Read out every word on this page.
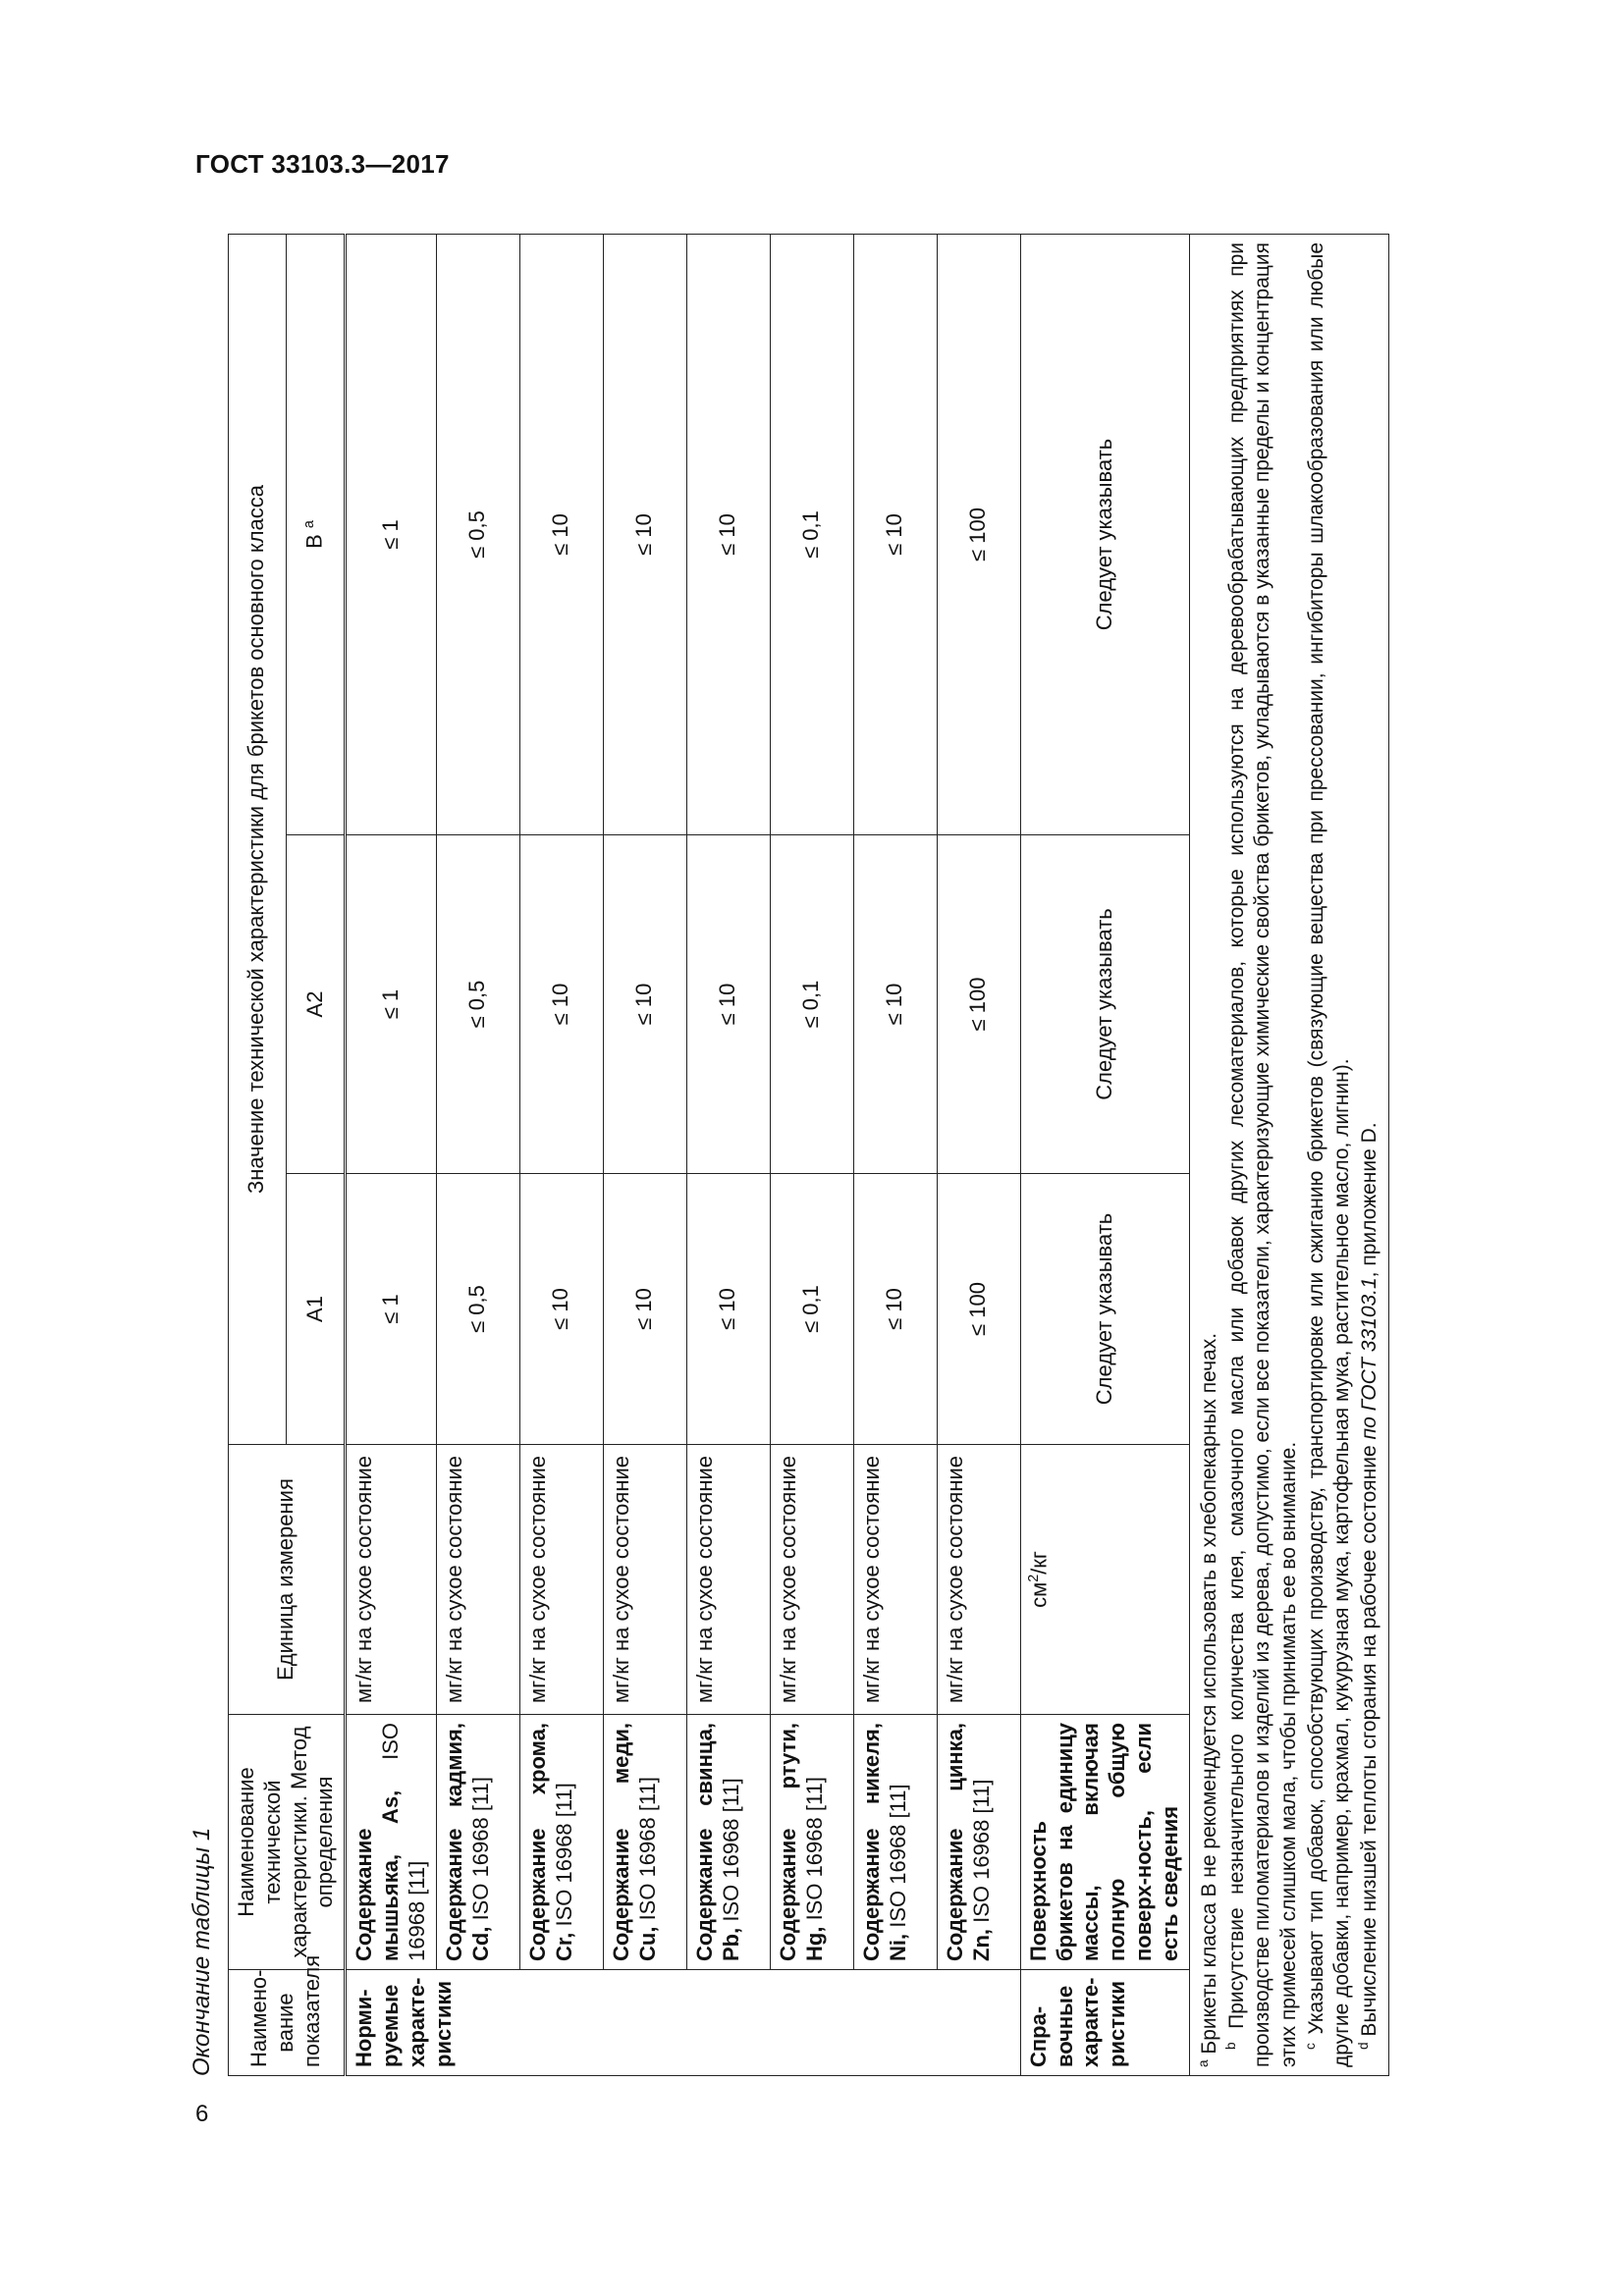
ГОСТ 33103.3—2017
6
Окончание таблицы 1 Наимено-вание показателя	Наименование технической характеристики. Метод определения	Единица измерения	Значение технической характеристики для брикетов основного класса		
			А1	А2	В $^a$
Норми-руемые характе-ристики	Содержание мышьяка, As, ISO 16968 [11]	мг/кг на сухое состояние	≤ 1	≤ 1	≤ 1
	Содержание кадмия, Cd, ISO 16968 [11]	мг/кг на сухое состояние	≤ 0,5	≤ 0,5	≤ 0,5
	Содержание хрома, Cr, ISO 16968 [11]	мг/кг на сухое состояние	≤ 10	≤ 10	≤ 10
	Содержание меди, Cu, ISO 16968 [11]	мг/кг на сухое состояние	≤ 10	≤ 10	≤ 10
	Содержание свинца, Pb, ISO 16968 [11]	мг/кг на сухое состояние	≤ 10	≤ 10	≤ 10
	Содержание ртути, Hg, ISO 16968 [11]	мг/кг на сухое состояние	≤ 0,1	≤ 0,1	≤ 0,1
	Содержание никеля, Ni, ISO 16968 [11]	мг/кг на сухое состояние	≤ 10	≤ 10	≤ 10
	Содержание цинка, Zn, ISO 16968 [11]	мг/кг на сухое состояние	≤ 100	≤ 100	≤ 100
Спра-вочные характе-ристики	Поверхность брикетов на единицу массы, включая полную общую поверх-ность, если есть сведения	$см^2/кг$	Следует указывать	Следует указывать	Следует указывать

$^a$ Брикеты класса В не рекомендуется использовать в хлебопекарных печах. $^b$ Присутствие незначительного количества клея, смазочного масла или добавок других лесоматериалов, которые используются на деревообрабатывающих предприятиях при производстве пиломатериалов и изделий из дерева, допустимо, если все показатели, характеризующие химические свойства брикетов, укладываются в указанные пределы и концентрация этих примесей слишком мала, чтобы принимать ее во внимание. $^c$ Указывают тип добавок, способствующих производству, транспортировке или сжиганию брикетов (связующие вещества при прессовании, ингибиторы шлакообразования или любые другие добавки, например, крахмал, кукурузная мука, картофельная мука, растительное масло, лигнин). $^d$ Вычисление низшей теплоты сгорания на рабочее состояние по ГОСТ 33103.1, приложение D.					
